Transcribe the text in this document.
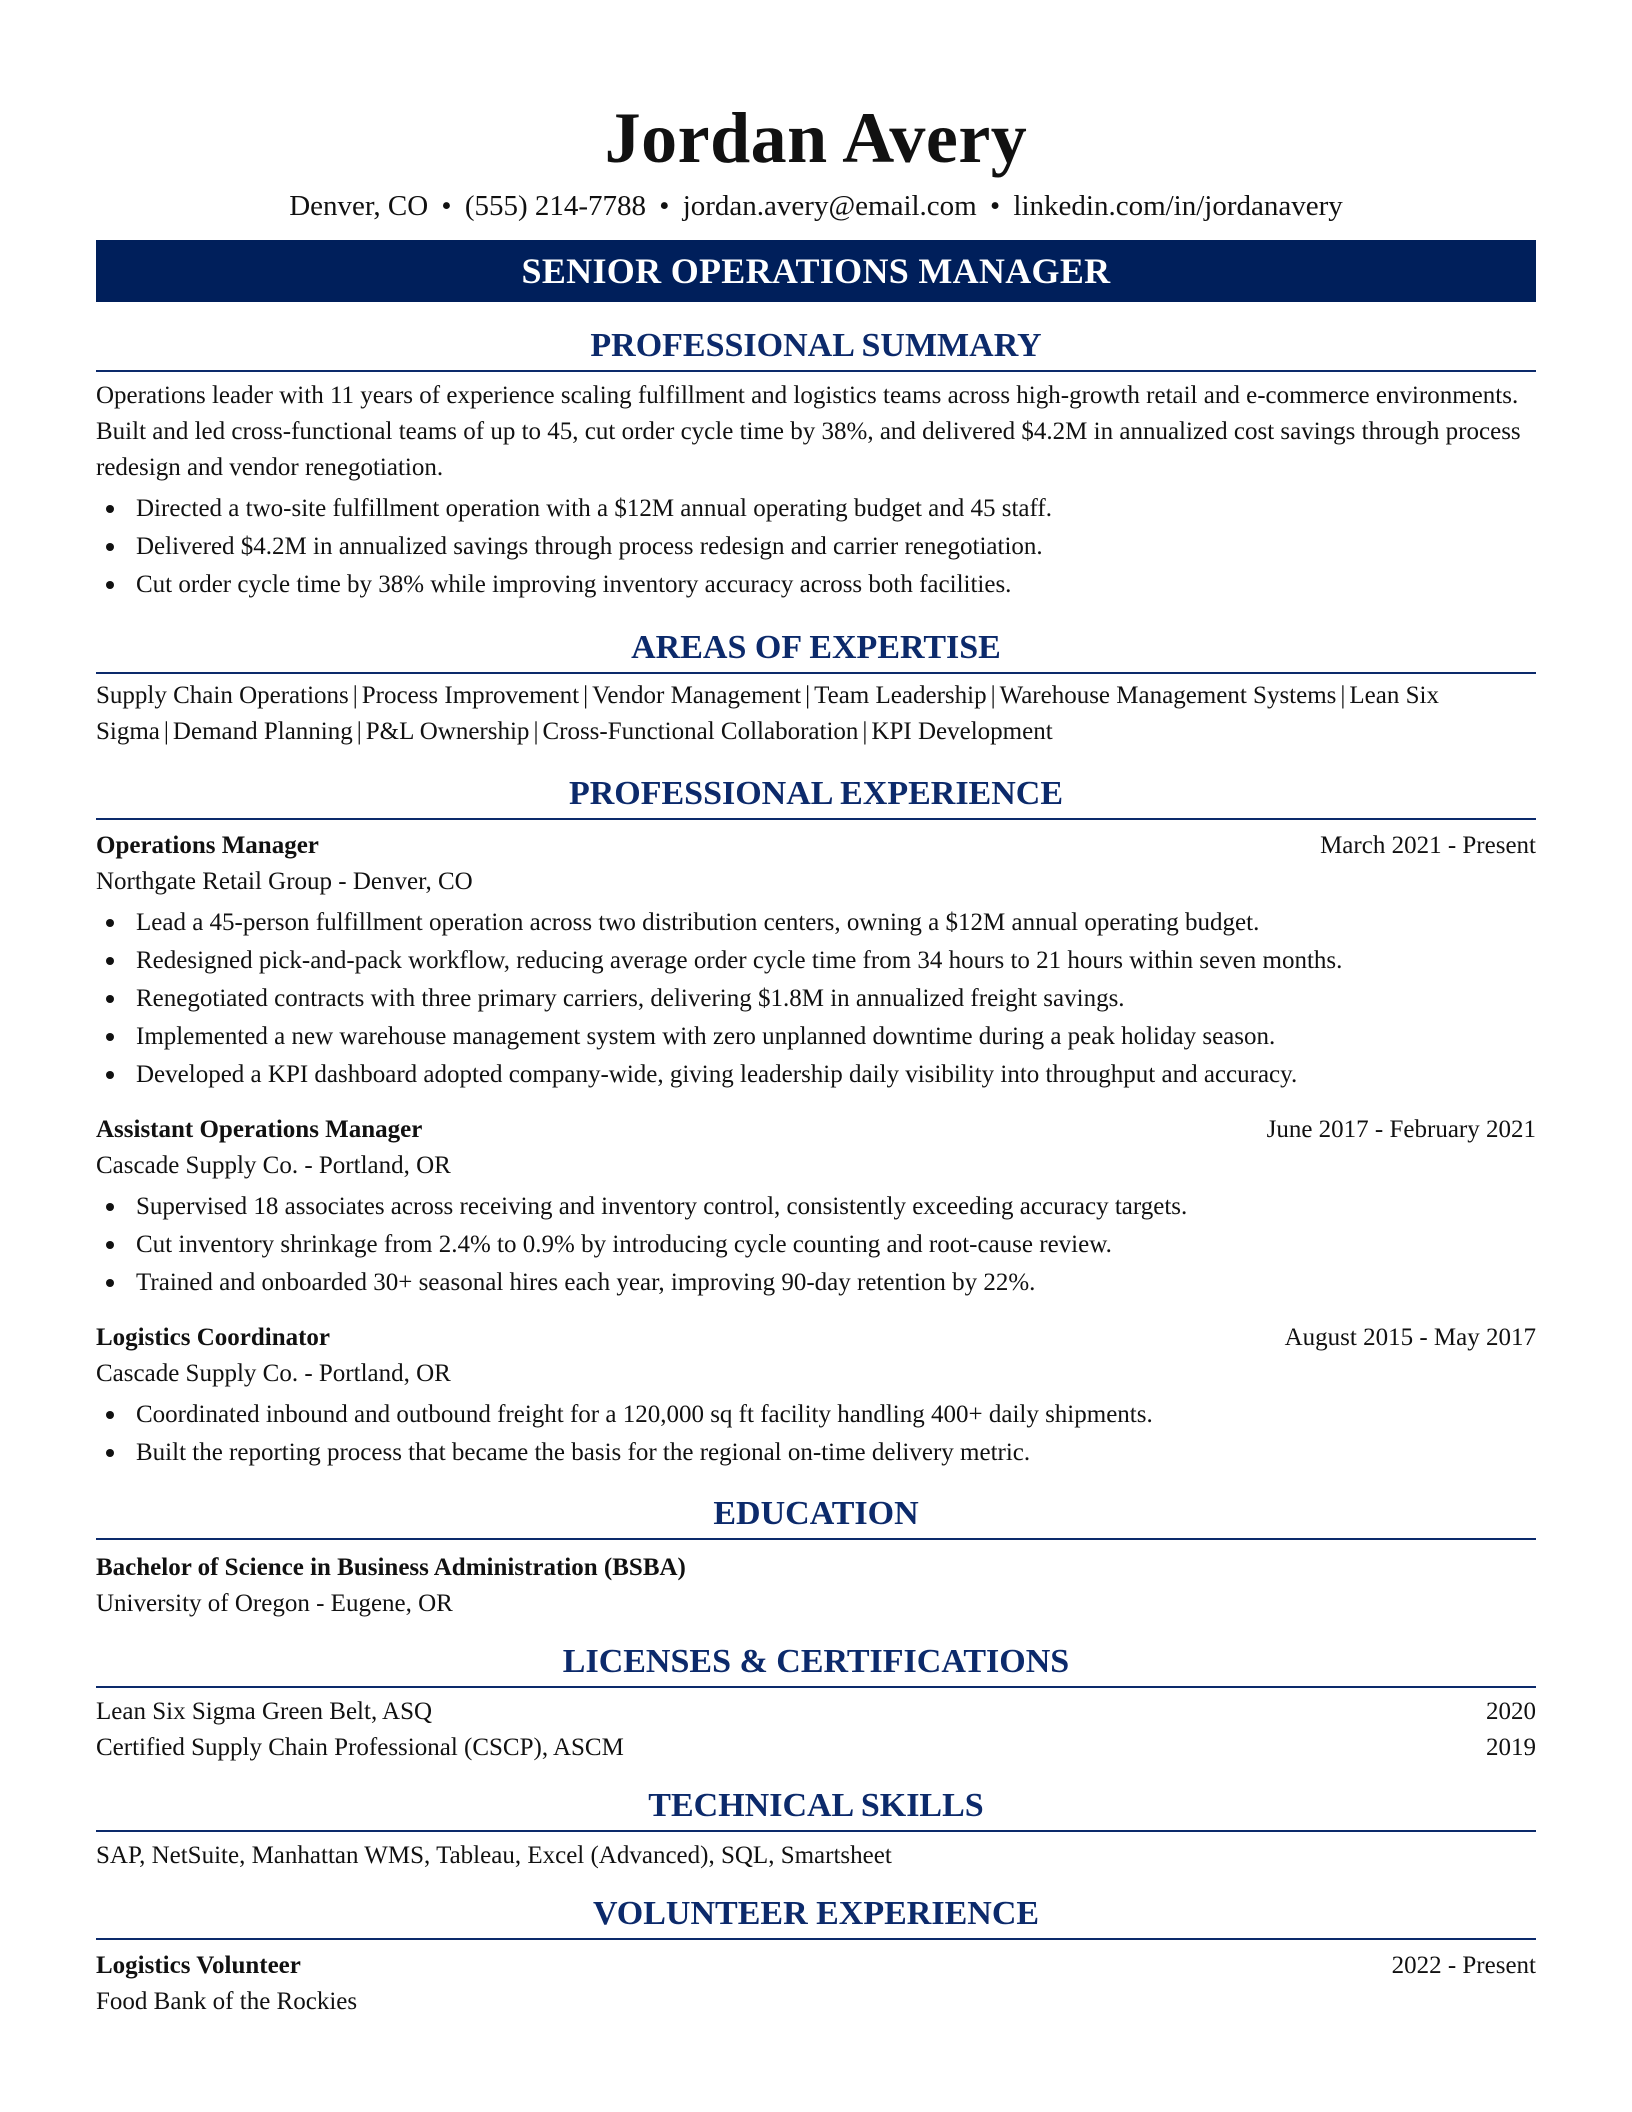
Jordan Avery
Denver, CO • (555) 214-7788 • jordan.avery@email.com • linkedin.com/in/jordanavery
SENIOR OPERATIONS MANAGER
PROFESSIONAL SUMMARY
Operations leader with 11 years of experience scaling fulfillment and logistics teams across high-growth retail and e-commerce environments. Built and led cross-functional teams of up to 45, cut order cycle time by 38%, and delivered $4.2M in annualized cost savings through process redesign and vendor renegotiation.
Directed a two-site fulfillment operation with a $12M annual operating budget and 45 staff.
Delivered $4.2M in annualized savings through process redesign and carrier renegotiation.
Cut order cycle time by 38% while improving inventory accuracy across both facilities.
AREAS OF EXPERTISE
Supply Chain Operations | Process Improvement | Vendor Management | Team Leadership | Warehouse Management Systems | Lean Six Sigma | Demand Planning | P&L Ownership | Cross-Functional Collaboration | KPI Development
PROFESSIONAL EXPERIENCE
Operations Manager	March 2021 - Present
Northgate Retail Group - Denver, CO
Lead a 45-person fulfillment operation across two distribution centers, owning a $12M annual operating budget.
Redesigned pick-and-pack workflow, reducing average order cycle time from 34 hours to 21 hours within seven months.
Renegotiated contracts with three primary carriers, delivering $1.8M in annualized freight savings.
Implemented a new warehouse management system with zero unplanned downtime during a peak holiday season.
Developed a KPI dashboard adopted company-wide, giving leadership daily visibility into throughput and accuracy.
Assistant Operations Manager	June 2017 - February 2021
Cascade Supply Co. - Portland, OR
Supervised 18 associates across receiving and inventory control, consistently exceeding accuracy targets.
Cut inventory shrinkage from 2.4% to 0.9% by introducing cycle counting and root-cause review.
Trained and onboarded 30+ seasonal hires each year, improving 90-day retention by 22%.
Logistics Coordinator	August 2015 - May 2017
Cascade Supply Co. - Portland, OR
Coordinated inbound and outbound freight for a 120,000 sq ft facility handling 400+ daily shipments.
Built the reporting process that became the basis for the regional on-time delivery metric.
EDUCATION
Bachelor of Science in Business Administration (BSBA)
University of Oregon - Eugene, OR
LICENSES & CERTIFICATIONS
Lean Six Sigma Green Belt, ASQ	2020
Certified Supply Chain Professional (CSCP), ASCM	2019
TECHNICAL SKILLS
SAP, NetSuite, Manhattan WMS, Tableau, Excel (Advanced), SQL, Smartsheet
VOLUNTEER EXPERIENCE
Logistics Volunteer	2022 - Present
Food Bank of the Rockies
